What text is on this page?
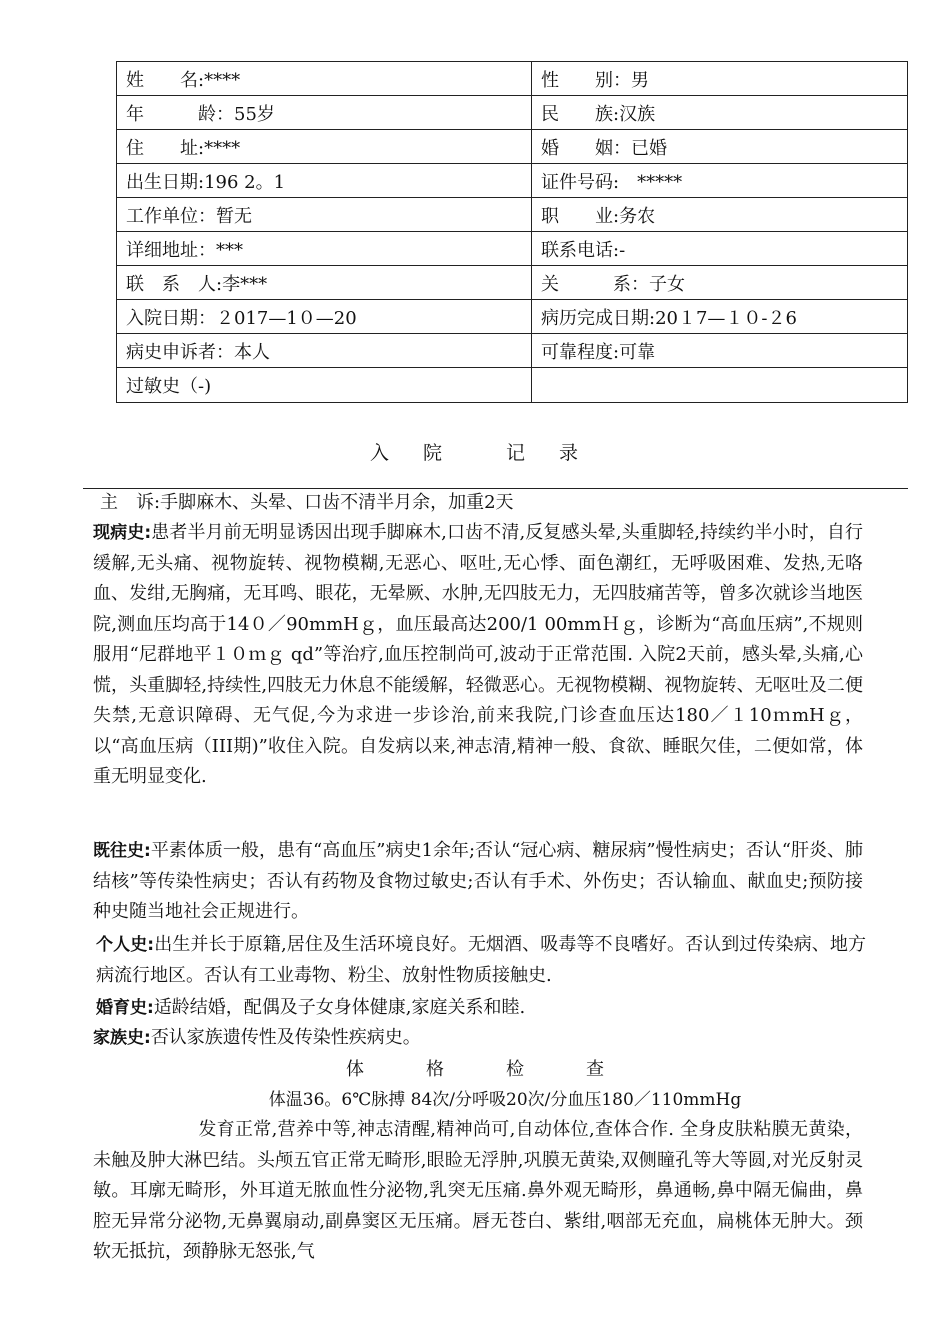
姓　　名:****	性　　别：男
年　　　龄：55岁	民　　族:汉族
住　　址:****	婚　　姻：已婚
出生日期:196 2。1	证件号码:　*****
工作单位：暂无	职　　业:务农
详细地址：***	联系电话:-
联　系　人:李***	关　　　系：子女
入院日期：２017—1０—20	病历完成日期:20１7—１０-２6
病史申诉者：本人	可靠程度:可靠
过敏史（-)	
入 院	记 录
主　诉:手脚麻木、头晕、口齿不清半月余，加重2天
现病史:患者半月前无明显诱因出现手脚麻木,口齿不清,反复感头晕,头重脚轻,持续约半小时，自行缓解,无头痛、视物旋转、视物模糊,无恶心、呕吐,无心悸、面色潮红，无呼吸困难、发热,无咯血、发绀,无胸痛，无耳鸣、眼花，无晕厥、水肿,无四肢无力，无四肢痛苦等，曾多次就诊当地医院,测血压均高于14０／90mmHｇ，血压最高达200/1 00mmＨｇ，诊断为“高血压病”,不规则服用“尼群地平１０ｍｇ qd”等治疗,血压控制尚可,波动于正常范围. 入院2天前，感头晕,头痛,心慌，头重脚轻,持续性,四肢无力休息不能缓解，轻微恶心。无视物模糊、视物旋转、无呕吐及二便失禁,无意识障碍、无气促,今为求进一步诊治,前来我院,门诊查血压达180／１10ｍmHｇ，以“高血压病（III期)”收住入院。自发病以来,神志清,精神一般、食欲、睡眠欠佳，二便如常，体重无明显变化.
既往史:平素体质一般，患有“高血压”病史1余年;否认“冠心病、糖尿病”慢性病史；否认“肝炎、肺结核”等传染性病史；否认有药物及食物过敏史;否认有手术、外伤史；否认输血、献血史;预防接种史随当地社会正规进行。
个人史:出生并长于原籍,居住及生活环境良好。无烟酒、吸毒等不良嗜好。否认到过传染病、地方病流行地区。否认有工业毒物、粉尘、放射性物质接触史.
婚育史:适龄结婚，配偶及子女身体健康,家庭关系和睦.
家族史:否认家族遗传性及传染性疾病史。
体	格	检	查
体温36。6℃脉搏 84次/分呼吸20次/分血压180／110mmHg
发育正常,营养中等,神志清醒,精神尚可,自动体位,查体合作. 全身皮肤粘膜无黄染，未触及肿大淋巴结。头颅五官正常无畸形,眼睑无浮肿,巩膜无黄染,双侧瞳孔等大等圆,对光反射灵敏。耳廓无畸形，外耳道无脓血性分泌物,乳突无压痛.鼻外观无畸形，鼻通畅,鼻中隔无偏曲，鼻腔无异常分泌物,无鼻翼扇动,副鼻窦区无压痛。唇无苍白、紫绀,咽部无充血，扁桃体无肿大。颈软无抵抗，颈静脉无怒张,气
